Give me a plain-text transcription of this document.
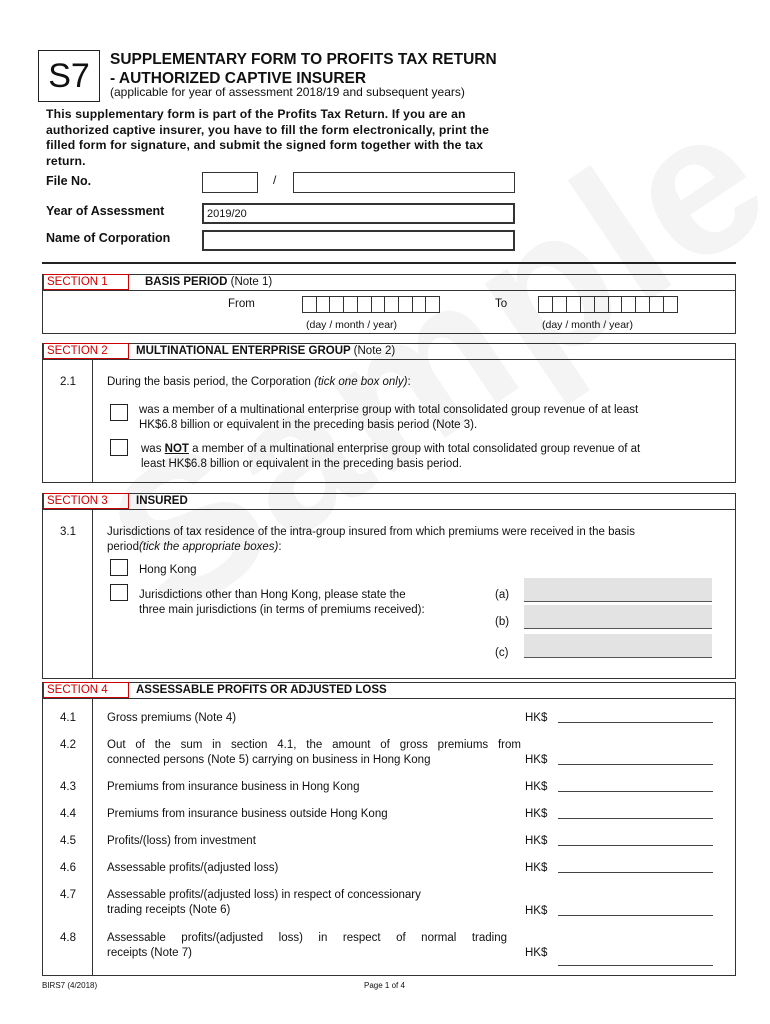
S7 SUPPLEMENTARY FORM TO PROFITS TAX RETURN
- AUTHORIZED CAPTIVE INSURER
(applicable for year of assessment 2018/19 and subsequent years)
This supplementary form is part of the Profits Tax Return. If you are an authorized captive insurer, you have to fill the form electronically, print the filled form for signature, and submit the signed form together with the tax return.
File No.	/
Year of Assessment	2019/20
Name of Corporation
SECTION 1	BASIS PERIOD (Note 1)
From
(day / month / year)
To
(day / month / year)
SECTION 2 MULTINATIONAL ENTERPRISE GROUP (Note 2)
2.1	During the basis period, the Corporation (tick one box only):
was a member of a multinational enterprise group with total consolidated group revenue of at least
HK$6.8 billion or equivalent in the preceding basis period (Note 3).
was NOT a member of a multinational enterprise group with total consolidated group revenue of at
least HK$6.8 billion or equivalent in the preceding basis period.
SECTION 3 INSURED
3.1	Jurisdictions of tax residence of the intra-group insured from which premiums were received in the basis
period(tick the appropriate boxes):
Hong Kong
Jurisdictions other than Hong Kong, please state the
three main jurisdictions (in terms of premiums received):
(a)
(b)
(c)
SECTION 4 ASSESSABLE PROFITS OR ADJUSTED LOSS
4.1	Gross premiums (Note 4)	HK$
4.2	Out of the sum in section 4.1, the amount of gross premiums from
connected persons (Note 5) carrying on business in Hong Kong	HK$
4.3	Premiums from insurance business in Hong Kong	HK$
4.4	Premiums from insurance business outside Hong Kong	HK$
4.5	Profits/(loss) from investment	HK$
4.6	Assessable profits/(adjusted loss)	HK$
4.7	Assessable profits/(adjusted loss) in respect of concessionary
trading receipts (Note 6)	HK$
4.8	Assessable profits/(adjusted loss) in respect of normal trading
receipts (Note 7)	HK$
BIRS7 (4/2018)	Page 1 of 4
